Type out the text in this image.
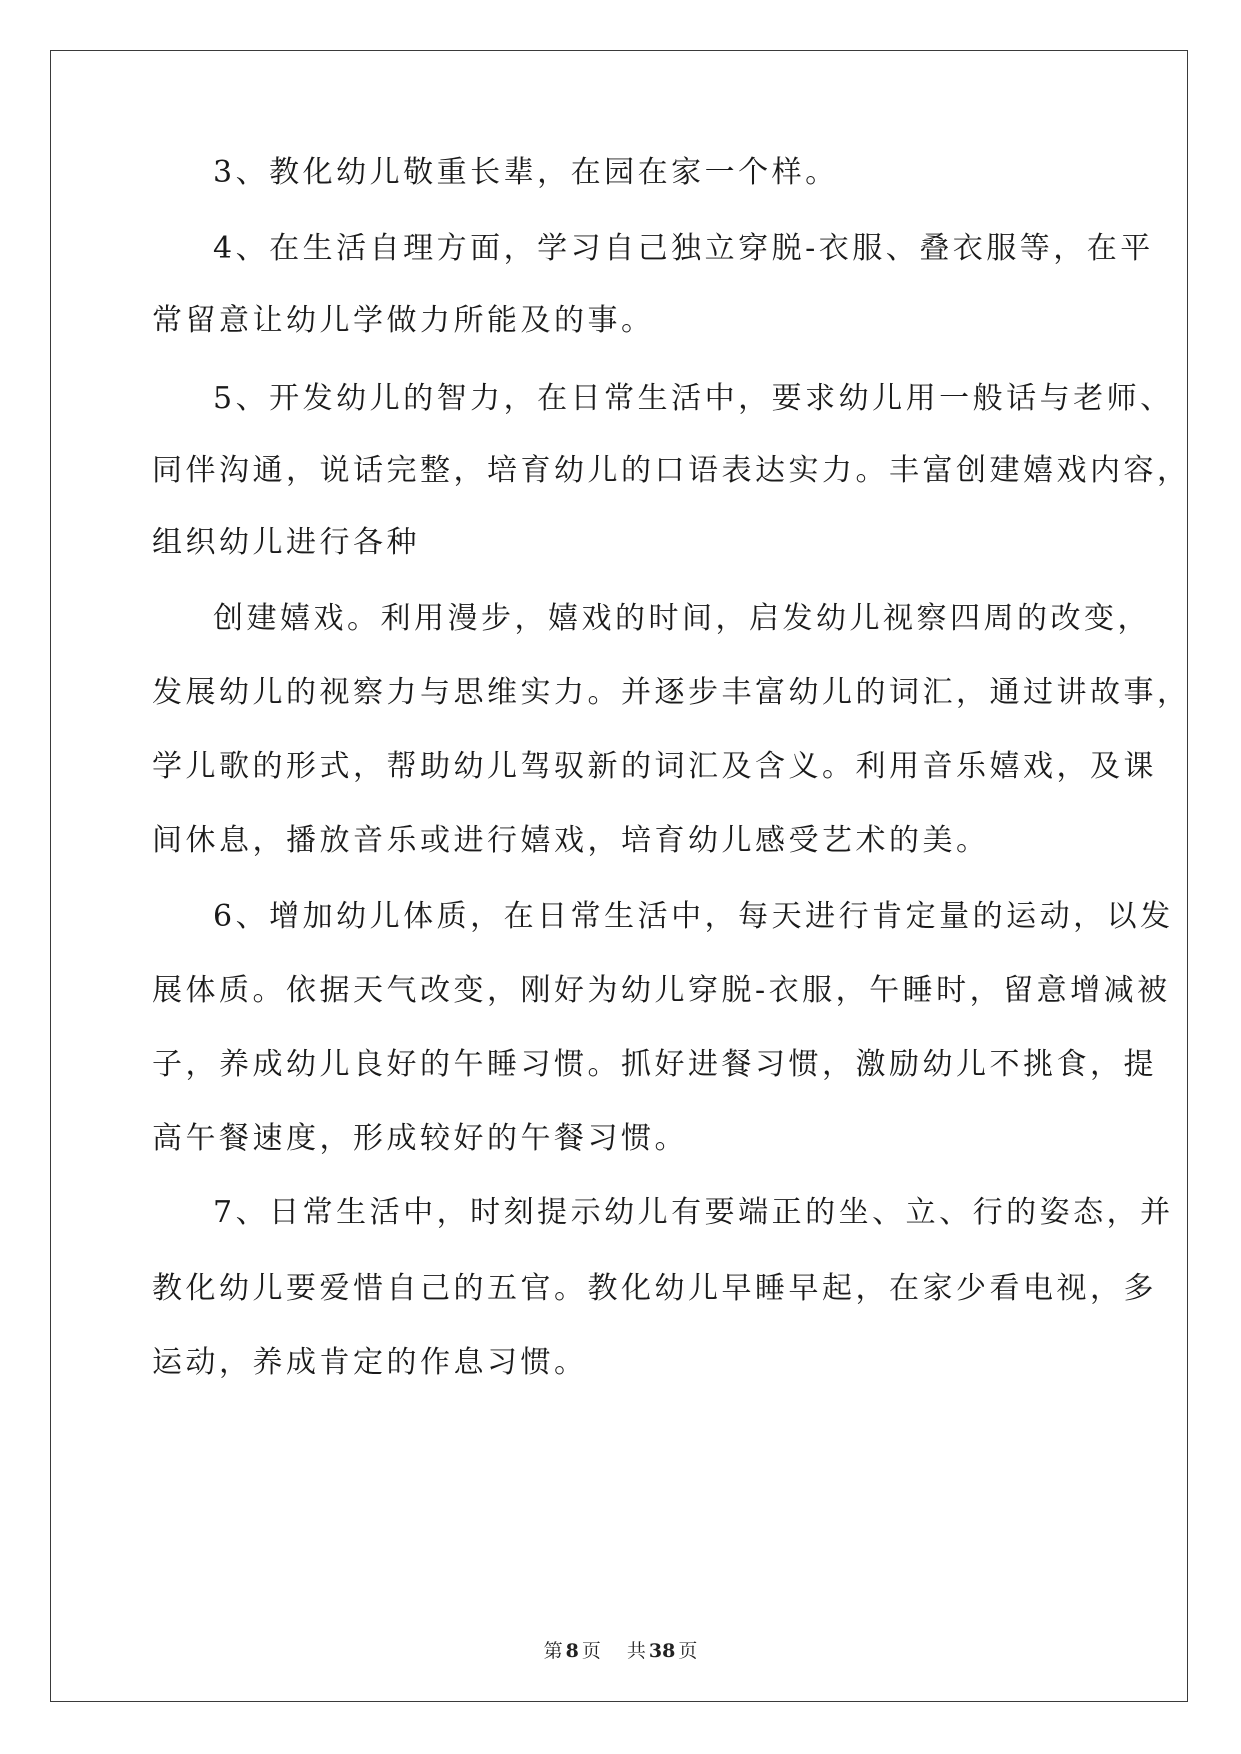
3、教化幼儿敬重长辈，在园在家一个样。
4、在生活自理方面，学习自己独立穿脱-衣服、叠衣服等，在平
常留意让幼儿学做力所能及的事。
5、开发幼儿的智力，在日常生活中，要求幼儿用一般话与老师、
同伴沟通，说话完整，培育幼儿的口语表达实力。丰富创建嬉戏内容，
组织幼儿进行各种
创建嬉戏。利用漫步，嬉戏的时间，启发幼儿视察四周的改变，
发展幼儿的视察力与思维实力。并逐步丰富幼儿的词汇，通过讲故事，
学儿歌的形式，帮助幼儿驾驭新的词汇及含义。利用音乐嬉戏，及课
间休息，播放音乐或进行嬉戏，培育幼儿感受艺术的美。
6、增加幼儿体质，在日常生活中，每天进行肯定量的运动，以发
展体质。依据天气改变，刚好为幼儿穿脱-衣服，午睡时，留意增减被
子，养成幼儿良好的午睡习惯。抓好进餐习惯，激励幼儿不挑食，提
高午餐速度，形成较好的午餐习惯。
7、日常生活中，时刻提示幼儿有要端正的坐、立、行的姿态，并
教化幼儿要爱惜自己的五官。教化幼儿早睡早起，在家少看电视，多
运动，养成肯定的作息习惯。
第 8 页 共 38 页
